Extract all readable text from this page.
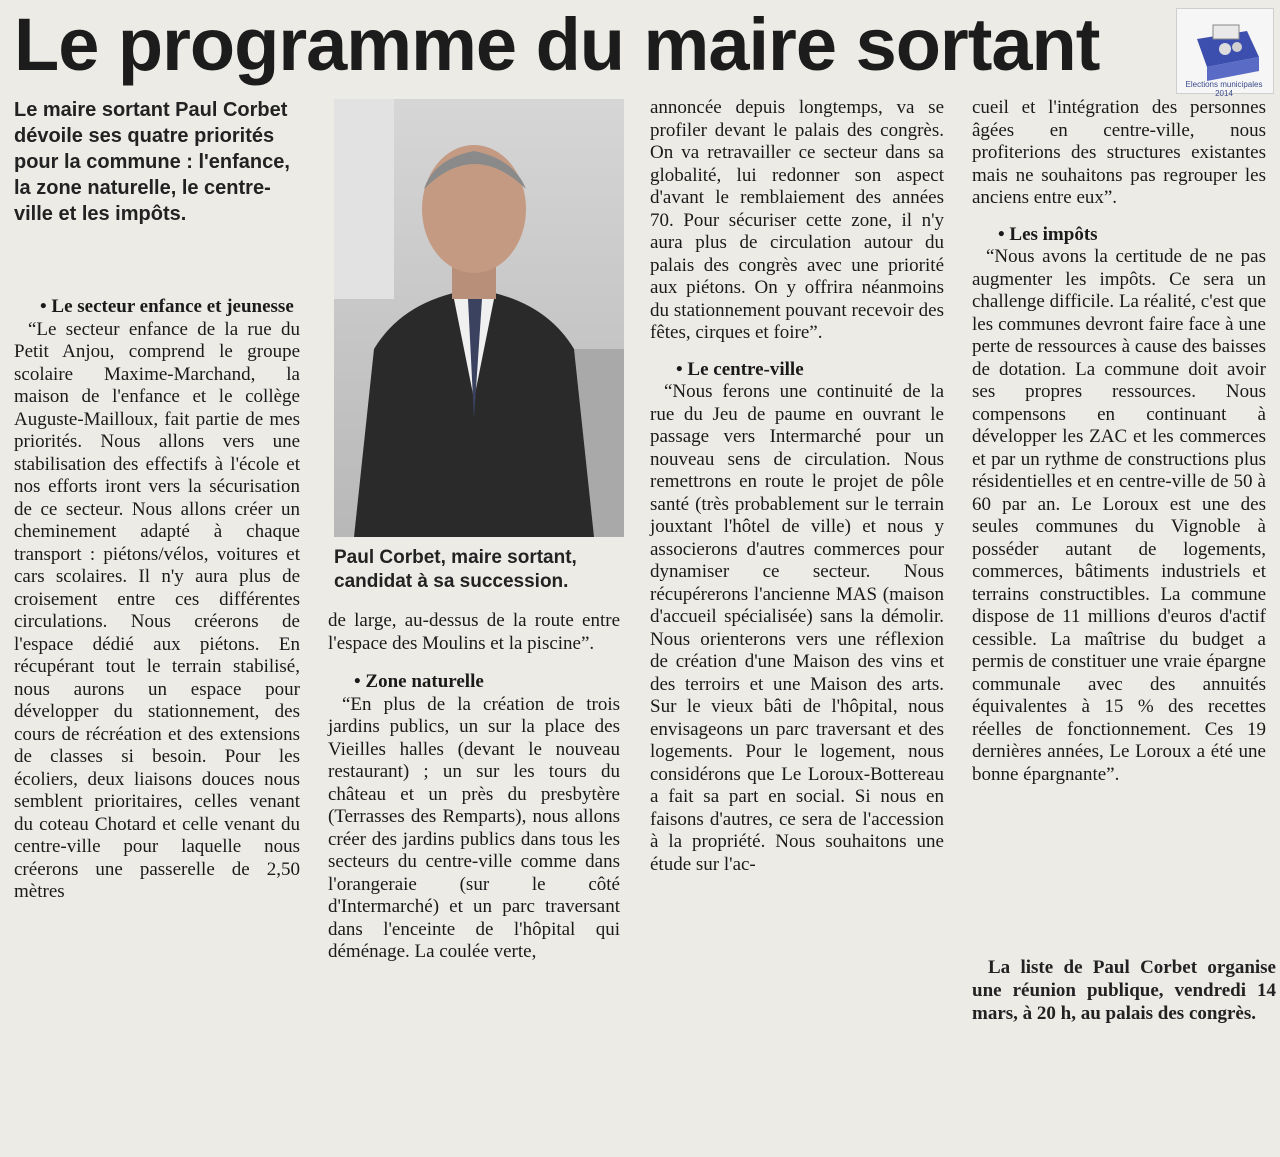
Le programme du maire sortant	Elections municipales 2014
Le maire sortant Paul Corbet dévoile ses quatre priorités pour la commune : l'enfance, la zone naturelle, le centre-ville et les impôts.

• Le secteur enfance et jeunesse

“Le secteur enfance de la rue du Petit Anjou, comprend le groupe scolaire Maxime-Marchand, la maison de l'enfance et le collège Auguste-Mailloux, fait partie de mes priorités. Nous allons vers une stabilisation des effectifs à l'école et nos efforts iront vers la sécurisation de ce secteur. Nous allons créer un cheminement adapté à chaque transport : piétons/vélos, voitures et cars scolaires. Il n'y aura plus de croisement entre ces différentes circulations. Nous créerons de l'espace dédié aux piétons. En récupérant tout le terrain stabilisé, nous aurons un espace pour développer du stationnement, des cours de récréation et des extensions de classes si besoin. Pour les écoliers, deux liaisons douces nous semblent prioritaires, celles venant du coteau Chotard et celle venant du centre-ville pour laquelle nous créerons une passerelle de 2,50 mètres

Paul Corbet, maire sortant, candidat à sa succession.

de large, au-dessus de la route entre l'espace des Moulins et la piscine”.

• Zone naturelle

“En plus de la création de trois jardins publics, un sur la place des Vieilles halles (devant le nouveau restaurant) ; un sur les tours du château et un près du presbytère (Terrasses des Remparts), nous allons créer des jardins publics dans tous les secteurs du centre-ville comme dans l'orangeraie (sur le côté d'Intermarché) et un parc traversant dans l'enceinte de l'hôpital qui déménage. La coulée verte,

annoncée depuis longtemps, va se profiler devant le palais des congrès. On va retravailler ce secteur dans sa globalité, lui redonner son aspect d'avant le remblaiement des années 70. Pour sécuriser cette zone, il n'y aura plus de circulation autour du palais des congrès avec une priorité aux piétons. On y offrira néanmoins du stationnement pouvant recevoir des fêtes, cirques et foire”.

• Le centre-ville

“Nous ferons une continuité de la rue du Jeu de paume en ouvrant le passage vers Intermarché pour un nouveau sens de circulation. Nous remettrons en route le projet de pôle santé (très probablement sur le terrain jouxtant l'hôtel de ville) et nous y associerons d'autres commerces pour dynamiser ce secteur. Nous récupérerons l'ancienne MAS (maison d'accueil spécialisée) sans la démolir. Nous orienterons vers une réflexion de création d'une Maison des vins et des terroirs et une Maison des arts. Sur le vieux bâti de l'hôpital, nous envisageons un parc traversant et des logements. Pour le logement, nous considérons que Le Loroux-Bottereau a fait sa part en social. Si nous en faisons d'autres, ce sera de l'accession à la propriété. Nous souhaitons une étude sur l'ac-

cueil et l'intégration des personnes âgées en centre-ville, nous profiterions des structures existantes mais ne souhaitons pas regrouper les anciens entre eux”.

• Les impôts

“Nous avons la certitude de ne pas augmenter les impôts. Ce sera un challenge difficile. La réalité, c'est que les communes devront faire face à une perte de ressources à cause des baisses de dotation. La commune doit avoir ses propres ressources. Nous compensons en continuant à développer les ZAC et les commerces et par un rythme de constructions plus résidentielles et en centre-ville de 50 à 60 par an. Le Loroux est une des seules communes du Vignoble à posséder autant de logements, commerces, bâtiments industriels et terrains constructibles. La commune dispose de 11 millions d'euros d'actif cessible. La maîtrise du budget a permis de constituer une vraie épargne communale avec des annuités équivalentes à 15 % des recettes réelles de fonctionnement. Ces 19 dernières années, Le Loroux a été une bonne épargnante”.

La liste de Paul Corbet organise une réunion publique, vendredi 14 mars, à 20 h, au palais des congrès.
